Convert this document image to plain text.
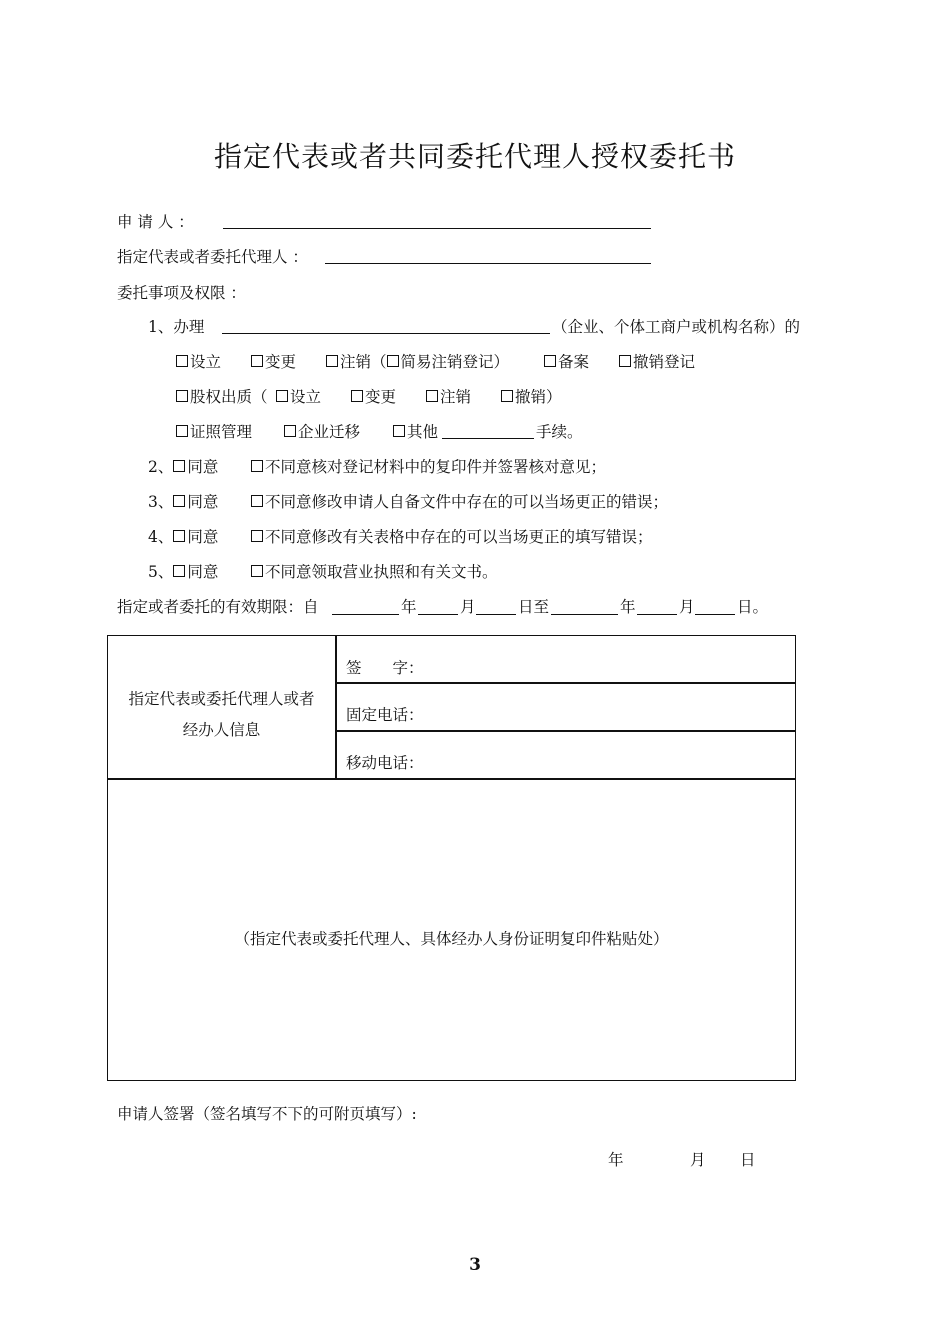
指定代表或者共同委托代理人授权委托书
申 请 人 ：
指定代表或者委托代理人 ：
委托事项及权限 ：
1、办理	（企业、个体工商户或机构名称）的
设立	变更	注销（ 简易注销登记）	备案	撤销登记
股权出质（	设立	变更	注销	撤销）
证照管理	企业迁移	其他	手续。
2、 同意	不同意核对登记材料中的复印件并签署核对意见；
3、 同意	不同意修改申请人自备文件中存在的可以当场更正的错误；
4、 同意	不同意修改有关表格中存在的可以当场更正的填写错误；
5、 同意	不同意领取营业执照和有关文书。
指定或者委托的有效期限：自	年	月	日至	年	月	日。
指定代表或委托代理人或者
经办人信息
签　　字：
固定电话：
移动电话：
（指定代表或委托代理人、具体经办人身份证明复印件粘贴处）
申请人签署（签名填写不下的可附页填写）:
年	月 日
3
